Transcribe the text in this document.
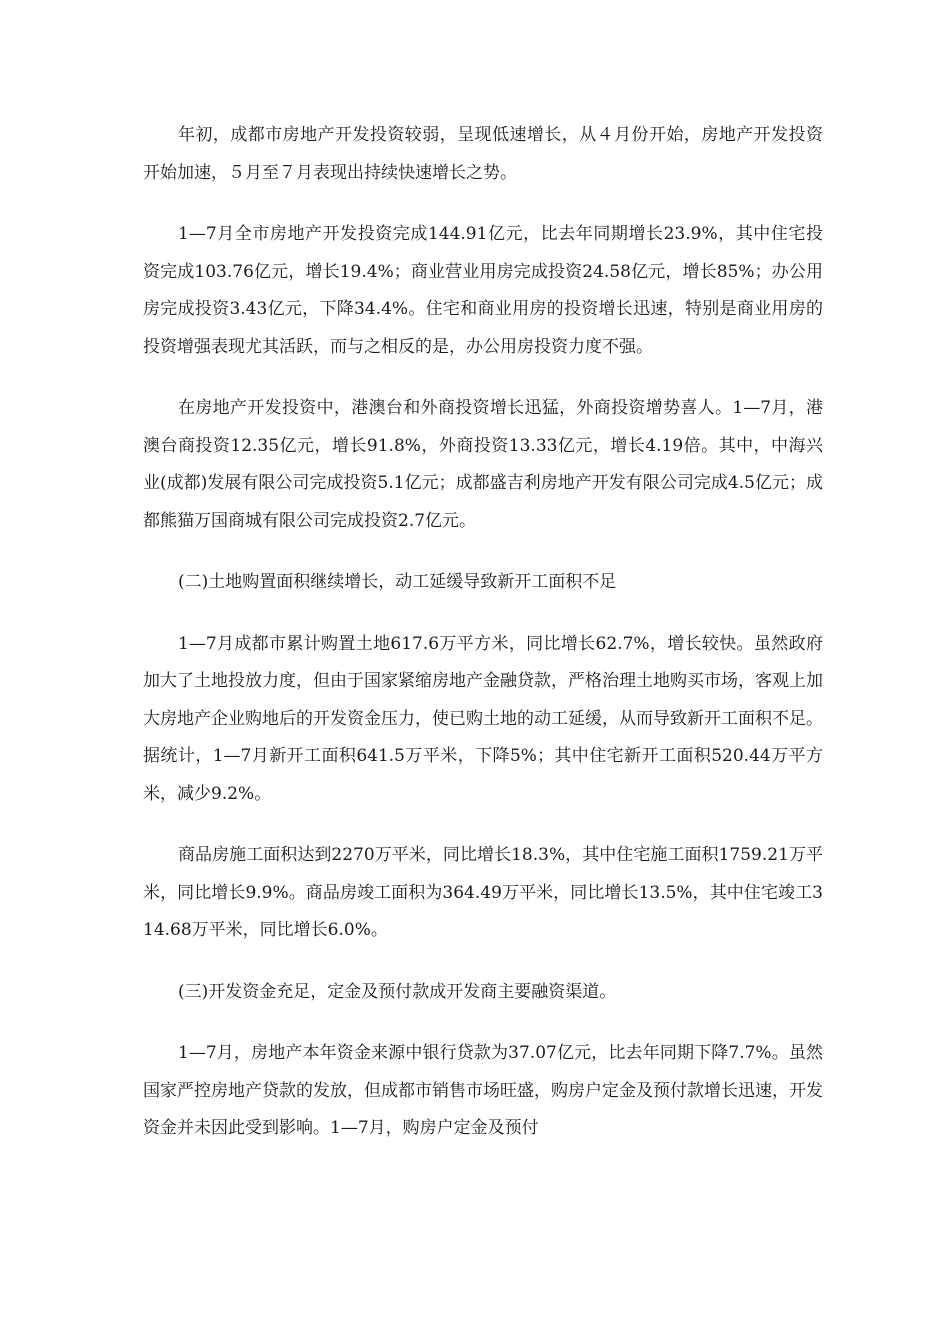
年初，成都市房地产开发投资较弱，呈现低速增长，从４月份开始，房地产开发投资开始加速，５月至７月表现出持续快速增长之势。

1—7月全市房地产开发投资完成144.91亿元，比去年同期增长23.9%，其中住宅投资完成103.76亿元，增长19.4%；商业营业用房完成投资24.58亿元，增长85%；办公用房完成投资3.43亿元，下降34.4%。住宅和商业用房的投资增长迅速，特别是商业用房的投资增强表现尤其活跃，而与之相反的是，办公用房投资力度不强。

在房地产开发投资中，港澳台和外商投资增长迅猛，外商投资增势喜人。1—7月，港澳台商投资12.35亿元，增长91.8%，外商投资13.33亿元，增长4.19倍。其中，中海兴业(成都)发展有限公司完成投资5.1亿元；成都盛吉利房地产开发有限公司完成4.5亿元；成都熊猫万国商城有限公司完成投资2.7亿元。

(二)土地购置面积继续增长，动工延缓导致新开工面积不足

1—7月成都市累计购置土地617.6万平方米，同比增长62.7%，增长较快。虽然政府加大了土地投放力度，但由于国家紧缩房地产金融贷款，严格治理土地购买市场，客观上加大房地产企业购地后的开发资金压力，使已购土地的动工延缓，从而导致新开工面积不足。据统计，1—7月新开工面积641.5万平米，下降5%；其中住宅新开工面积520.44万平方米，减少9.2%。

商品房施工面积达到2270万平米，同比增长18.3%，其中住宅施工面积1759.21万平米，同比增长9.9%。商品房竣工面积为364.49万平米，同比增长13.5%，其中住宅竣工314.68万平米，同比增长6.0%。

(三)开发资金充足，定金及预付款成开发商主要融资渠道。

1—7月，房地产本年资金来源中银行贷款为37.07亿元，比去年同期下降7.7%。虽然国家严控房地产贷款的发放，但成都市销售市场旺盛，购房户定金及预付款增长迅速，开发资金并未因此受到影响。1—7月，购房户定金及预付
